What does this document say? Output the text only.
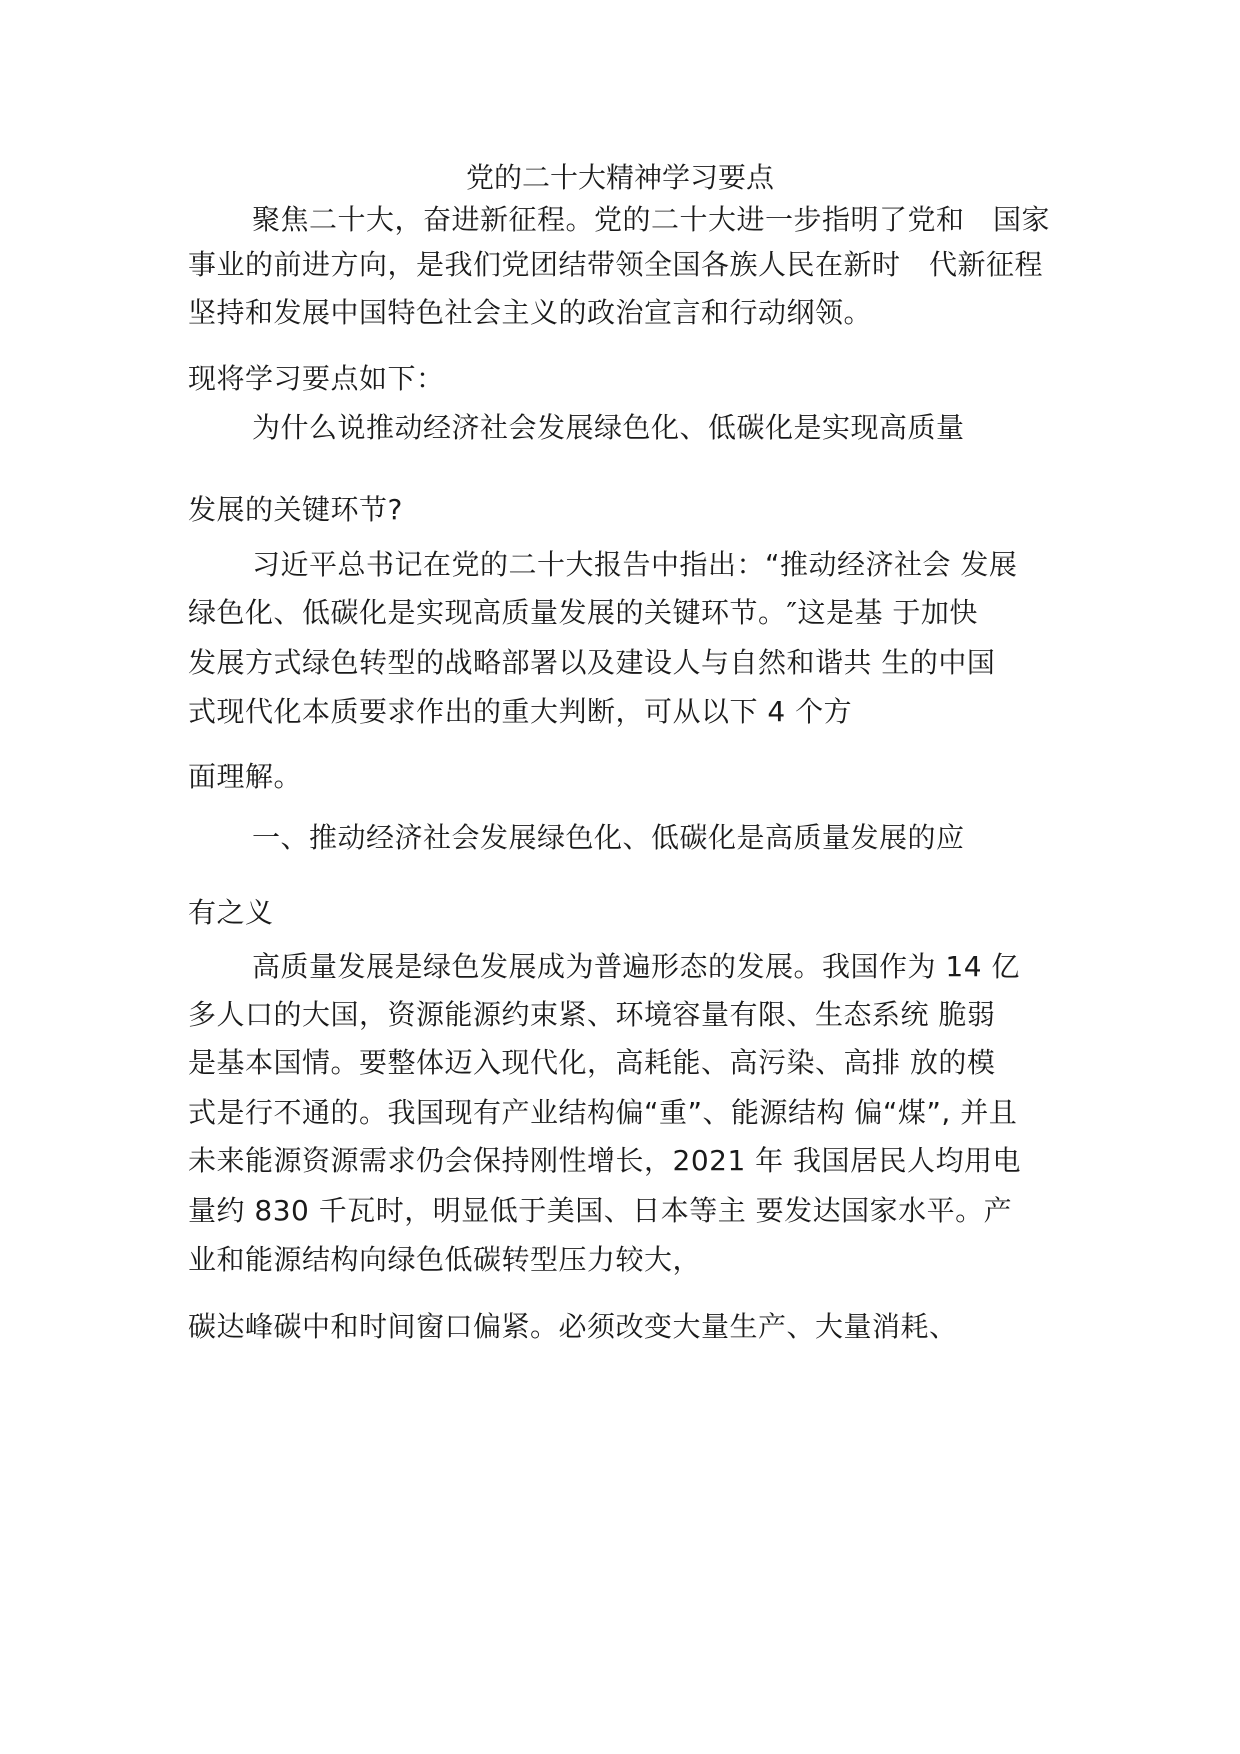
党的二十大精神学习要点
聚焦二十大，奋进新征程。党的二十大进一步指明了党和　国家
事业的前进方向，是我们党团结带领全国各族人民在新时　代新征程
坚持和发展中国特色社会主义的政治宣言和行动纲领。
现将学习要点如下：
为什么说推动经济社会发展绿色化、低碳化是实现高质量
发展的关键环节?
习近平总书记在党的二十大报告中指出：“推动经济社会 发展
绿色化、低碳化是实现高质量发展的关键环节。″这是基 于加快
发展方式绿色转型的战略部署以及建设人与自然和谐共 生的中国
式现代化本质要求作出的重大判断，可从以下 4 个方
面理解。
一、推动经济社会发展绿色化、低碳化是高质量发展的应
有之义
高质量发展是绿色发展成为普遍形态的发展。我国作为 14 亿
多人口的大国，资源能源约束紧、环境容量有限、生态系统 脆弱
是基本国情。要整体迈入现代化，高耗能、高污染、高排 放的模
式是行不通的。我国现有产业结构偏“重”、能源结构 偏“煤”, 并且
未来能源资源需求仍会保持刚性增长，2021 年 我国居民人均用电
量约 830 千瓦时，明显低于美国、日本等主 要发达国家水平。产
业和能源结构向绿色低碳转型压力较大，
碳达峰碳中和时间窗口偏紧。必须改变大量生产、大量消耗、
